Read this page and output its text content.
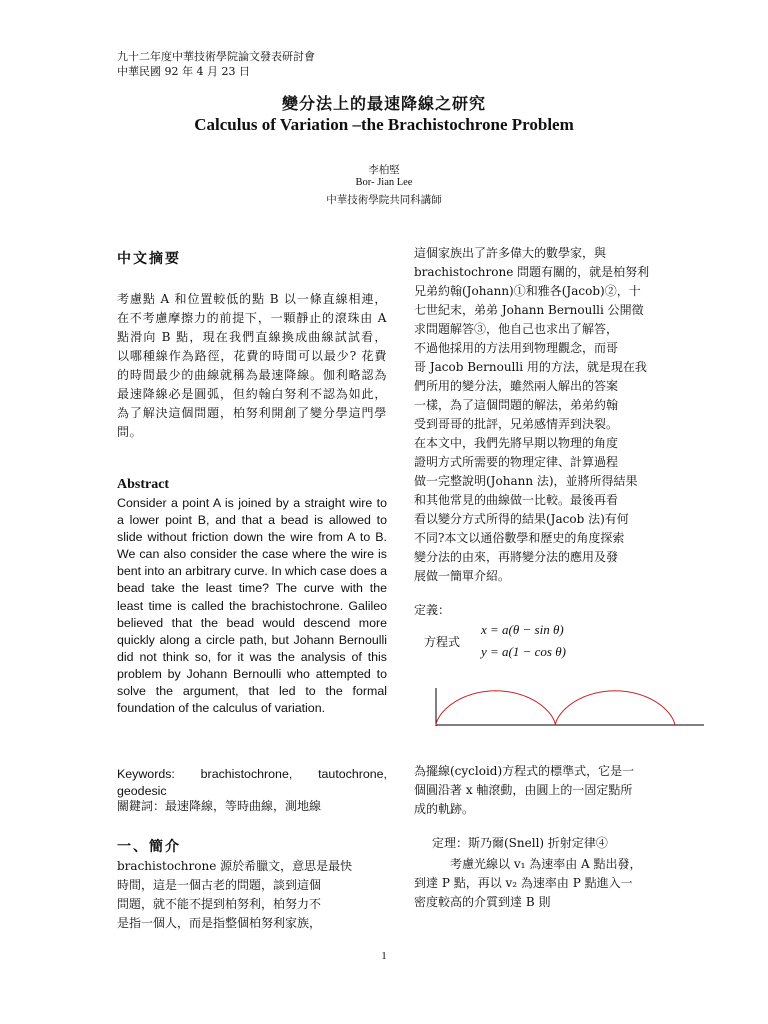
九十二年度中華技術學院論文發表研討會
中華民國 92 年 4 月 23 日
變分法上的最速降線之研究
Calculus of Variation –the Brachistochrone Problem
李柏堅
Bor- Jian Lee
中華技術學院共同科講師
中文摘要
考慮點 A 和位置較低的點 B 以一條直線相連，在不考慮摩擦力的前提下，一顆靜止的滾珠由 A 點滑向 B 點，現在我們直線換成曲線試試看，以哪種線作為路徑，花費的時間可以最少? 花費的時間最少的曲線就稱為最速降線。伽利略認為最速降線必是圓弧，但約翰白努利不認為如此，為了解決這個問題，柏努利開創了變分學這門學問。
Abstract
Consider a point A is joined by a straight wire to a lower point B, and that a bead is allowed to slide without friction down the wire from A to B. We can also consider the case where the wire is bent into an arbitrary curve. In which case does a bead take the least time? The curve with the least time is called the brachistochrone. Galileo believed that the bead would descend more quickly along a circle path, but Johann Bernoulli did not think so, for it was the analysis of this problem by Johann Bernoulli who attempted to solve the argument, that led to the formal foundation of the calculus of variation.
Keywords: brachistochrone, tautochrone, geodesic
關鍵詞：最速降線，等時曲線，測地線
一、簡介
brachistochrone 源於希臘文，意思是最快
時間，這是一個古老的問題，談到這個
問題，就不能不提到柏努利，柏努力不
是指一個人，而是指整個柏努利家族，
這個家族出了許多偉大的數學家，與
brachistochrone 問題有關的，就是柏努利
兄弟約翰(Johann)①和雅各(Jacob)②，十
七世紀末，弟弟 Johann Bernoulli 公開徵
求問題解答③，他自己也求出了解答，
不過他採用的方法用到物理觀念，而哥
哥 Jacob Bernoulli 用的方法，就是現在我
們所用的變分法，雖然兩人解出的答案
一樣，為了這個問題的解法，弟弟約翰
受到哥哥的批評，兄弟感情弄到決裂。
在本文中，我們先將早期以物理的角度
證明方式所需要的物理定律、計算過程
做一完整說明(Johann 法)，並將所得結果
和其他常見的曲線做一比較。最後再看
看以變分方式所得的結果(Jacob 法)有何
不同?本文以通俗數學和歷史的角度探索
變分法的由來，再將變分法的應用及發
展做一簡單介紹。
定義：
方程式
x = a(θ − sin θ)
y = a(1 − cos θ)
為擺線(cycloid)方程式的標準式，它是一
個圓沿著 x 軸滾動，由圓上的一固定點所
成的軌跡。
定理：斯乃爾(Snell) 折射定律④
考慮光線以 v₁ 為速率由 A 點出發，
到達 P 點，再以 v₂ 為速率由 P 點進入一
密度較高的介質到達 B 則
1
